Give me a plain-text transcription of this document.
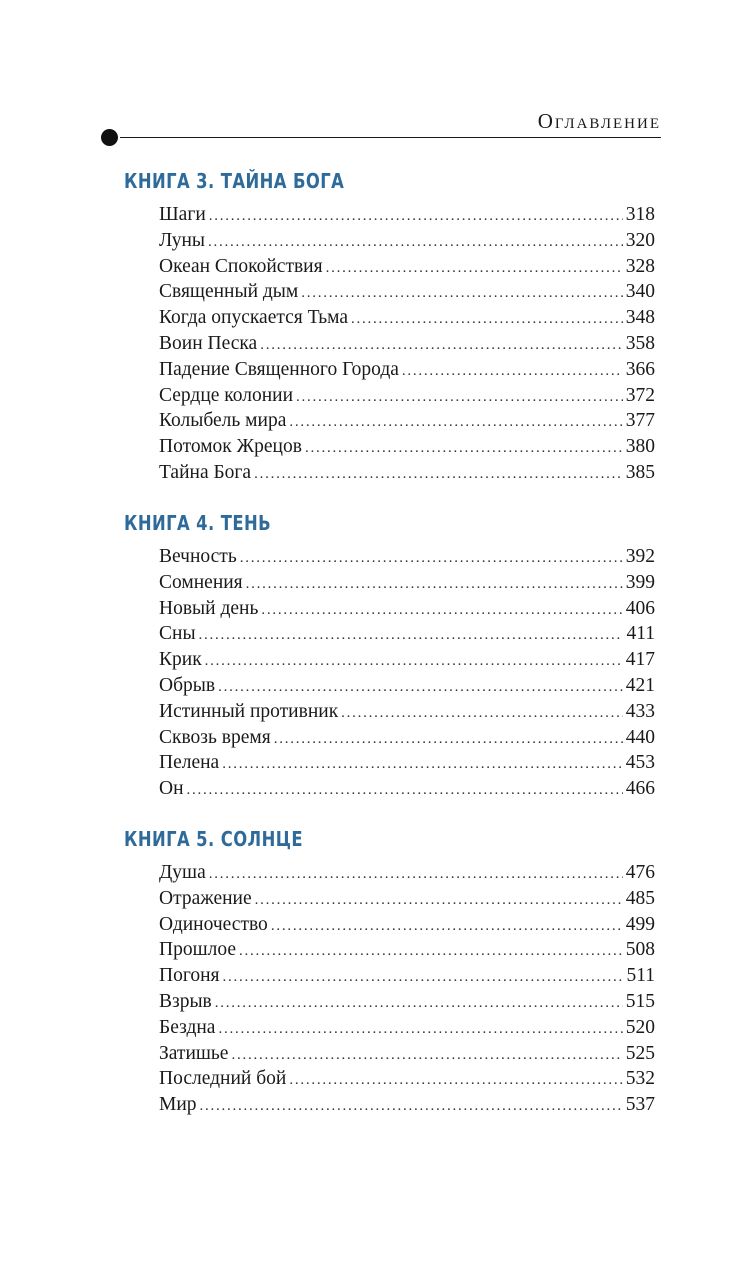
Оглавление
КНИГА 3. ТАЙНА БОГА
Шаги . . .	318
Луны . . .	320
Океан Спокойствия . . .	328
Священный дым . . .	340
Когда опускается Тьма . . .	348
Воин Песка . . .	358
Падение Священного Города . . .	366
Сердце колонии . . .	372
Колыбель мира . . .	377
Потомок Жрецов . . .	380
Тайна Бога . . .	385
КНИГА 4. ТЕНЬ
Вечность . . .	392
Сомнения . . .	399
Новый день . . .	406
Сны . . .	411
Крик . . .	417
Обрыв . . .	421
Истинный противник . . .	433
Сквозь время . . .	440
Пелена . . .	453
Он . . .	466
КНИГА 5. СОЛНЦЕ
Душа . . .	476
Отражение . . .	485
Одиночество . . .	499
Прошлое . . .	508
Погоня . . .	511
Взрыв . . .	515
Бездна . . .	520
Затишье . . .	525
Последний бой . . .	532
Мир . . .	537
